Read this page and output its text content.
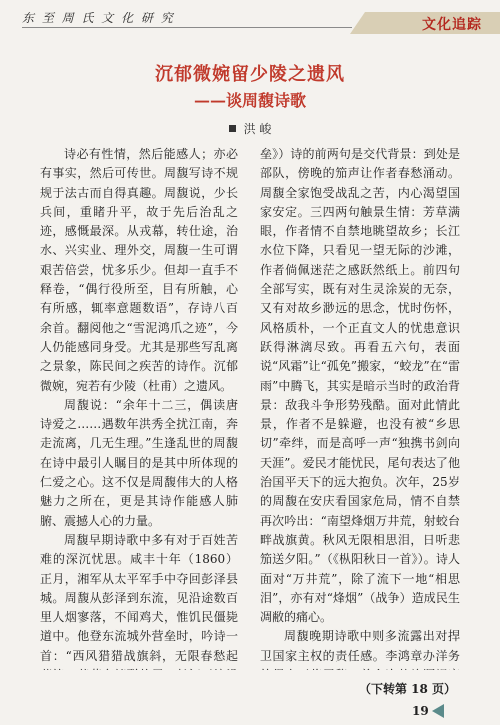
东 至 周 氏 文 化 研 究	文化追踪
沉郁微婉留少陵之遗风
——谈周馥诗歌
洪 峻

诗必有性情，然后能感人；亦必有事实，然后可传世。周馥写诗不规规于法古而自得真趣。周馥说，少长兵间，重睹升平，故于先后治乱之迹，感慨最深。从戎幕，转仕途，治水、兴实业、理外交，周馥一生可谓艰苦倍尝，忧多乐少。但却一直手不释卷，“偶行役所至，目有所触，心有所感，辄率意题数语”，存诗八百余首。翻阅他之“雪泥鸿爪之迹”，今人仍能感同身受。尤其是那些写乱离之景象，陈民间之疾苦的诗作。沉郁微婉，宛若有少陵（杜甫）之遗风。

周馥说：“余年十二三，偶读唐诗爱之……遇数年洪秀全扰江南，奔走流离，几无生理。”生逢乱世的周馥在诗中最引人瞩目的是其中所体现的仁爱之心。这不仅是周馥伟大的人格魅力之所在，更是其诗作能感人肺腑、震撼人心的力量。

周馥早期诗歌中多有对于百姓苦难的深沉忧思。咸丰十年（1860）正月，湘军从太平军手中夺回彭泽县城。周馥从彭泽到东流，见沿途数百里人烟寥落，不闻鸡犬，惟饥民僵毙道中。他登东流城外营垒时，吟诗一首：“西风猎猎战旗斜，无限春愁起

垒》）诗的前两句是交代背景：到处是部队，傍晚的笳声让作者春愁涌动。周馥全家饱受战乱之苦，内心渴望国家安定。三四两句触景生情：芳草满眼，作者情不自禁地眺望故乡；长江水位下降，只看见一望无际的沙滩，作者倘佩迷茫之感跃然纸上。前四句全部写实，既有对生灵涂炭的无奈，又有对故乡渺远的思念，忧时伤怀，风格质朴，一个正直文人的忧患意识跃得淋漓尽致。再看五六句，表面说“风霜”让“孤免”搬家，“蛟龙”在“雷雨”中腾飞，其实是暗示当时的政治背景：敌我斗争形势残酷。面对此情此景，作者不是躲避，也没有被“乡思切”牵绊，而是高呼一声“独携书剑向天涯”。爱民才能忧民，尾句表达了他治国平天下的远大抱负。次年，25岁的周馥在安庆看国家危局，情不自禁再次吟出：“南望烽烟万井荒，射蛟台畔战旗黄。秋风无限相思泪，日听悲笳送夕阳。”（《枞阳秋日一首》）。诗人面对“万井荒”，除了流下一地“相思泪”，亦有对“烽烟”（战争）造成民生凋敝的痛心。

周馥晚期诗歌中则多流露出对捍卫国家主权的责任感。李鸿章办洋务

（下转第 18 页）
19
